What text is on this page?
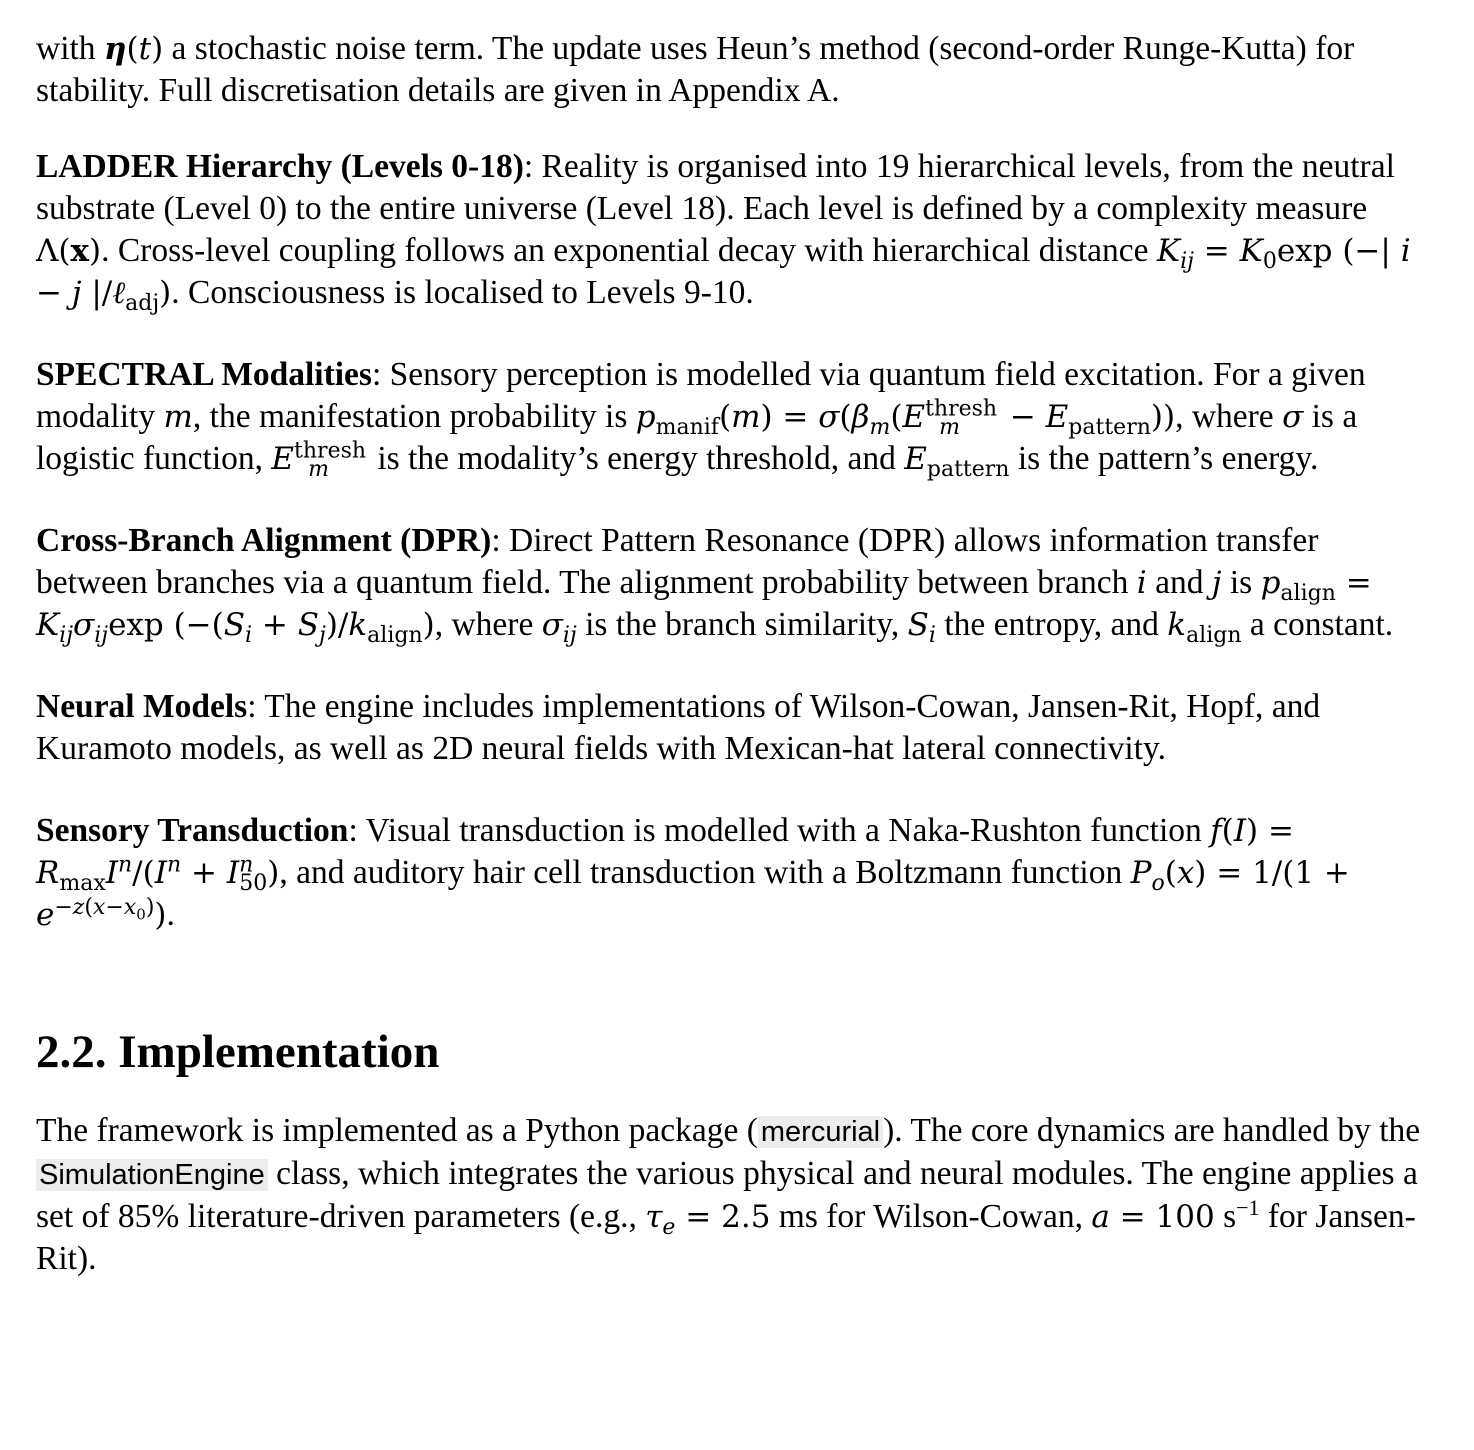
with η(t) a stochastic noise term. The update uses Heun’s method (second-order Runge-Kutta) for stability. Full discretisation details are given in Appendix A.

LADDER Hierarchy (Levels 0-18): Reality is organised into 19 hierarchical levels, from the neutral substrate (Level 0) to the entire universe (Level 18). Each level is defined by a complexity measure Λ(x). Cross-level coupling follows an exponential decay with hierarchical distance $K_{ij} = K_0\exp$ (−| i − j |/ℓ$_{adj}$). Consciousness is localised to Levels 9-10.

SPECTRAL Modalities: Sensory perception is modelled via quantum field excitation. For a given modality m, the manifestation probability is $p_{manif}(m) = \sigma(\beta_m(E^{thresh}_m - E_{pattern}))$, where σ is a logistic function, $E^{thresh}_m$ is the modality’s energy threshold, and $E_{pattern}$ is the pattern’s energy.

Cross-Branch Alignment (DPR): Direct Pattern Resonance (DPR) allows information transfer between branches via a quantum field. The alignment probability between branch i and j is $p_{align} = K_{ij}\sigma_{ij}\exp$ $(-(S_i + S_j)/k_{align})$, where $\sigma_{ij}$ is the branch similarity, $S_i$ the entropy, and $k_{align}$ a constant.

Neural Models: The engine includes implementations of Wilson-Cowan, Jansen-Rit, Hopf, and Kuramoto models, as well as 2D neural fields with Mexican-hat lateral connectivity.

Sensory Transduction: Visual transduction is modelled with a Naka-Rushton function $f(I) = R_{max}I^n/(I^n + I^n_{50})$, and auditory hair cell transduction with a Boltzmann function $P_o(x) = 1/(1 + e^{-z(x-x_0)})$.

2.2. Implementation

The framework is implemented as a Python package ( mercurial). The core dynamics are handled by the SimulationEngine class, which integrates the various physical and neural modules. The engine applies a set of 85% literature-driven parameters (e.g., $\tau_e = 2.5$ ms for Wilson-Cowan, a = 100 $s^{-1}$ for Jansen-Rit).
